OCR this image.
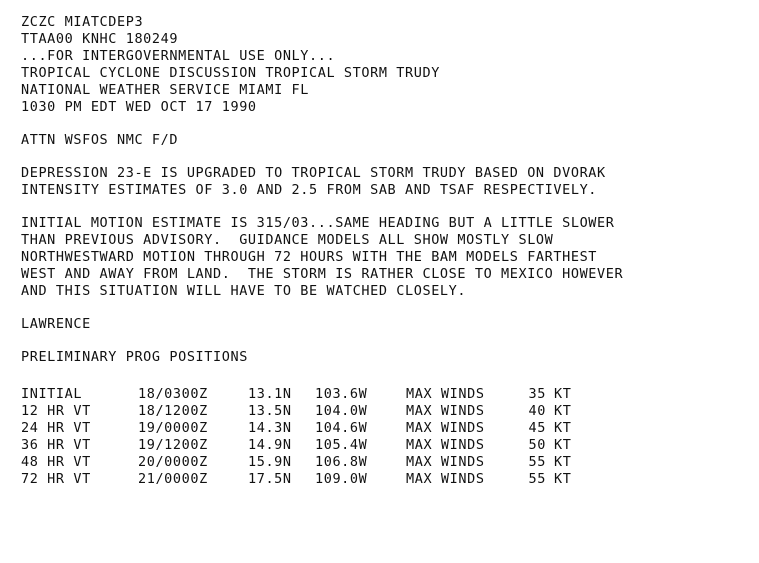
ZCZC MIATCDEP3
TTAA00 KNHC 180249
...FOR INTERGOVERNMENTAL USE ONLY...
TROPICAL CYCLONE DISCUSSION TROPICAL STORM TRUDY
NATIONAL WEATHER SERVICE MIAMI FL
1030 PM EDT WED OCT 17 1990
ATTN WSFOS NMC F/D
DEPRESSION 23-E IS UPGRADED TO TROPICAL STORM TRUDY BASED ON DVORAK
INTENSITY ESTIMATES OF 3.0 AND 2.5 FROM SAB AND TSAF RESPECTIVELY.
INITIAL MOTION ESTIMATE IS 315/03...SAME HEADING BUT A LITTLE SLOWER
THAN PREVIOUS ADVISORY.  GUIDANCE MODELS ALL SHOW MOSTLY SLOW
NORTHWESTWARD MOTION THROUGH 72 HOURS WITH THE BAM MODELS FARTHEST
WEST AND AWAY FROM LAND.  THE STORM IS RATHER CLOSE TO MEXICO HOWEVER
AND THIS SITUATION WILL HAVE TO BE WATCHED CLOSELY.
LAWRENCE
PRELIMINARY PROG POSITIONS
INITIAL	18/0300Z	13.1N	103.6W	MAX WINDS	35	KT
12 HR VT	18/1200Z	13.5N	104.0W	MAX WINDS	40	KT
24 HR VT	19/0000Z	14.3N	104.6W	MAX WINDS	45	KT
36 HR VT	19/1200Z	14.9N	105.4W	MAX WINDS	50	KT
48 HR VT	20/0000Z	15.9N	106.8W	MAX WINDS	55	KT
72 HR VT	21/0000Z	17.5N	109.0W	MAX WINDS	55	KT
